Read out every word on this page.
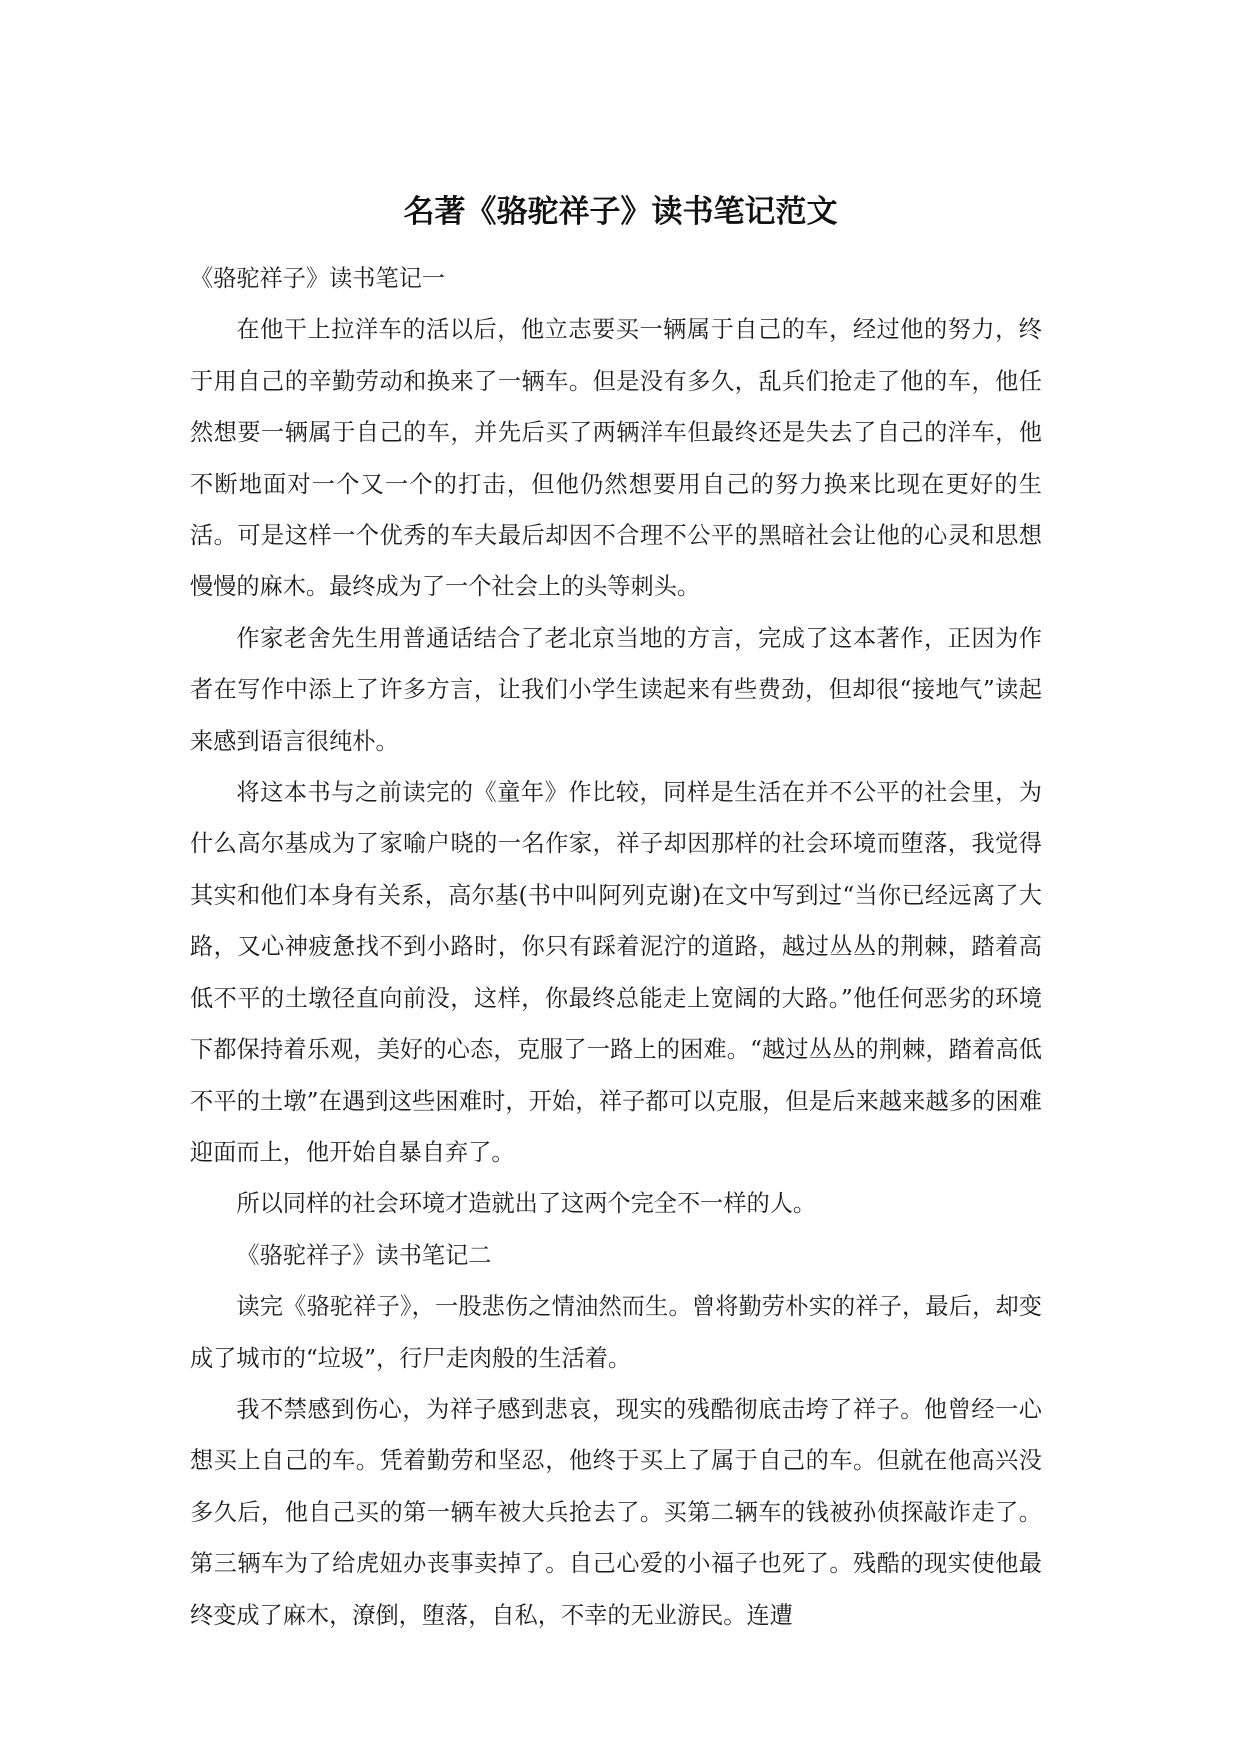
名著《骆驼祥子》读书笔记范文

《骆驼祥子》读书笔记一

在他干上拉洋车的活以后，他立志要买一辆属于自己的车，经过他的努力，终于用自己的辛勤劳动和换来了一辆车。但是没有多久，乱兵们抢走了他的车，他任然想要一辆属于自己的车，并先后买了两辆洋车但最终还是失去了自己的洋车，他不断地面对一个又一个的打击，但他仍然想要用自己的努力换来比现在更好的生活。可是这样一个优秀的车夫最后却因不合理不公平的黑暗社会让他的心灵和思想慢慢的麻木。最终成为了一个社会上的头等刺头。

作家老舍先生用普通话结合了老北京当地的方言，完成了这本著作，正因为作者在写作中添上了许多方言，让我们小学生读起来有些费劲，但却很“接地气”读起来感到语言很纯朴。

将这本书与之前读完的《童年》作比较，同样是生活在并不公平的社会里，为什么高尔基成为了家喻户晓的一名作家，祥子却因那样的社会环境而堕落，我觉得其实和他们本身有关系，高尔基(书中叫阿列克谢)在文中写到过“当你已经远离了大路，又心神疲惫找不到小路时，你只有踩着泥泞的道路，越过丛丛的荆棘，踏着高低不平的土墩径直向前没，这样，你最终总能走上宽阔的大路。”他任何恶劣的环境下都保持着乐观，美好的心态，克服了一路上的困难。“越过丛丛的荆棘，踏着高低不平的土墩”在遇到这些困难时，开始，祥子都可以克服，但是后来越来越多的困难迎面而上，他开始自暴自弃了。

所以同样的社会环境才造就出了这两个完全不一样的人。

《骆驼祥子》读书笔记二

读完《骆驼祥子》，一股悲伤之情油然而生。曾将勤劳朴实的祥子，最后，却变成了城市的“垃圾”，行尸走肉般的生活着。

我不禁感到伤心，为祥子感到悲哀，现实的残酷彻底击垮了祥子。他曾经一心想买上自己的车。凭着勤劳和坚忍，他终于买上了属于自己的车。但就在他高兴没多久后，他自己买的第一辆车被大兵抢去了。买第二辆车的钱被孙侦探敲诈走了。第三辆车为了给虎妞办丧事卖掉了。自己心爱的小福子也死了。残酷的现实使他最终变成了麻木，潦倒，堕落，自私，不幸的无业游民。连遭
